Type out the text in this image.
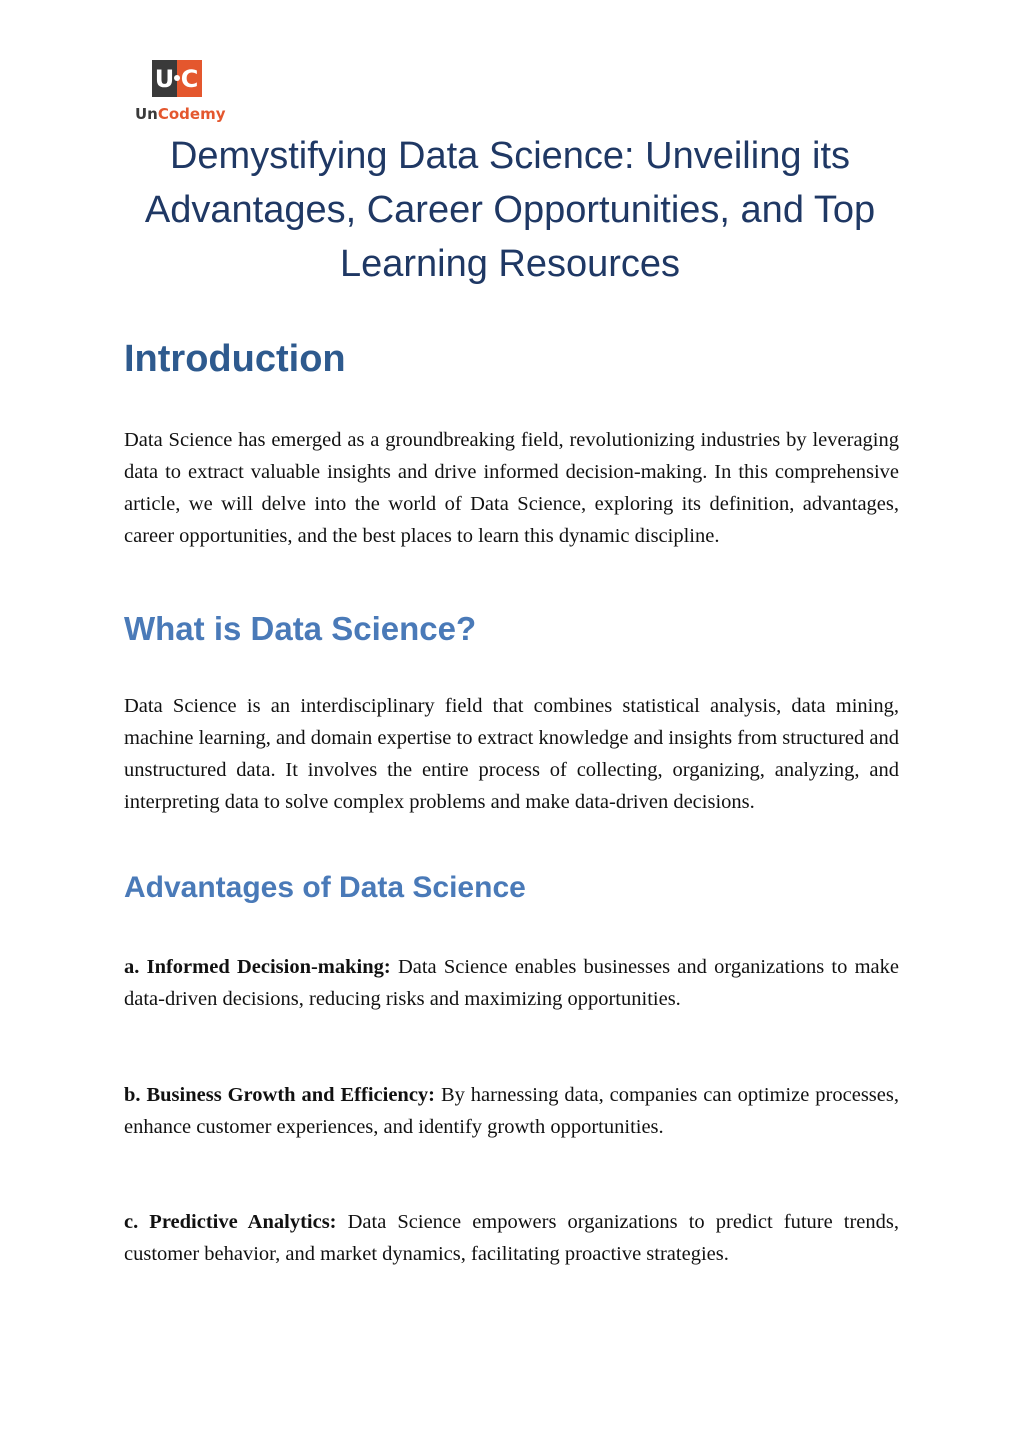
U C
UnCodemy
Demystifying Data Science: Unveiling its Advantages, Career Opportunities, and Top Learning Resources
Introduction

Data Science has emerged as a groundbreaking field, revolutionizing industries by leveraging data to extract valuable insights and drive informed decision-making. In this comprehensive article, we will delve into the world of Data Science, exploring its definition, advantages, career opportunities, and the best places to learn this dynamic discipline.

What is Data Science?

Data Science is an interdisciplinary field that combines statistical analysis, data mining, machine learning, and domain expertise to extract knowledge and insights from structured and unstructured data. It involves the entire process of collecting, organizing, analyzing, and interpreting data to solve complex problems and make data-driven decisions.

Advantages of Data Science

a. Informed Decision-making: Data Science enables businesses and organizations to make data-driven decisions, reducing risks and maximizing opportunities.

b. Business Growth and Efficiency: By harnessing data, companies can optimize processes, enhance customer experiences, and identify growth opportunities.

c. Predictive Analytics: Data Science empowers organizations to predict future trends, customer behavior, and market dynamics, facilitating proactive strategies.
